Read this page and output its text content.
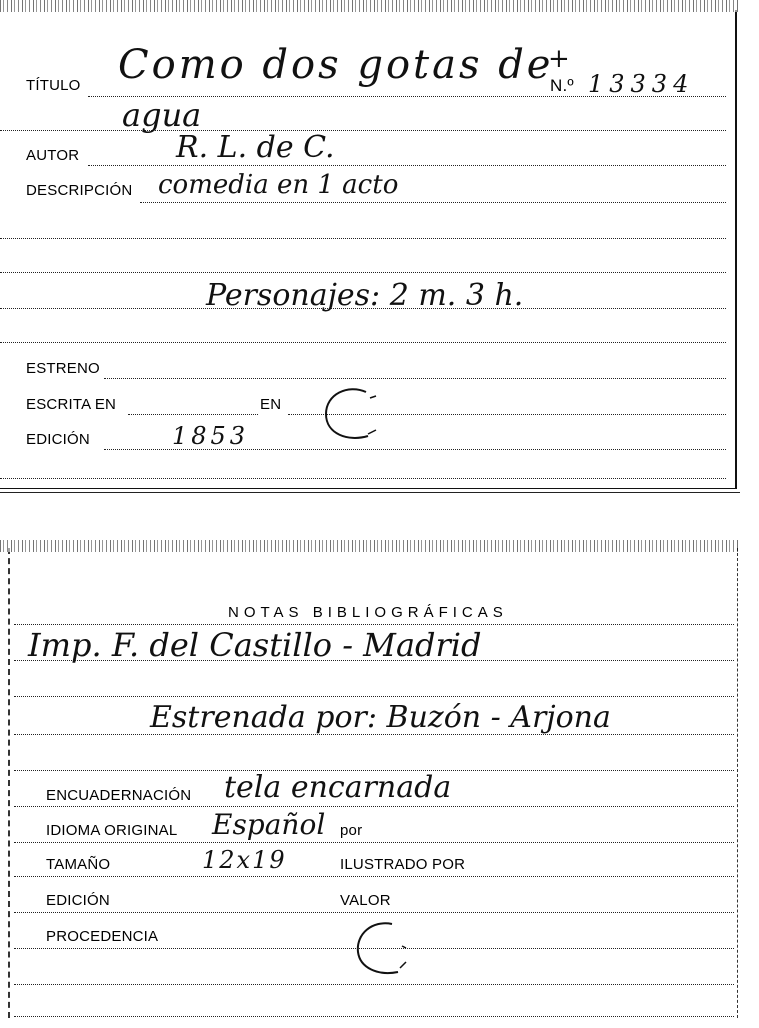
TÍTULO Como dos gotas de
+
N.º 13334
agua
AUTOR	R. L. de C.
DESCRIPCIÓN comedia en 1 acto
Personajes: 2 m. 3 h.
ESTRENO
ESCRITA EN	EN
EDICIÓN	1853
NOTAS BIBLIOGRÁFICAS
Imp. F. del Castillo - Madrid
Estrenada por: Buzón - Arjona
ENCUADERNACIÓN tela encarnada
IDIOMA ORIGINAL Español por
TAMAÑO	12x19	ILUSTRADO POR
EDICIÓN	VALOR
PROCEDENCIA
